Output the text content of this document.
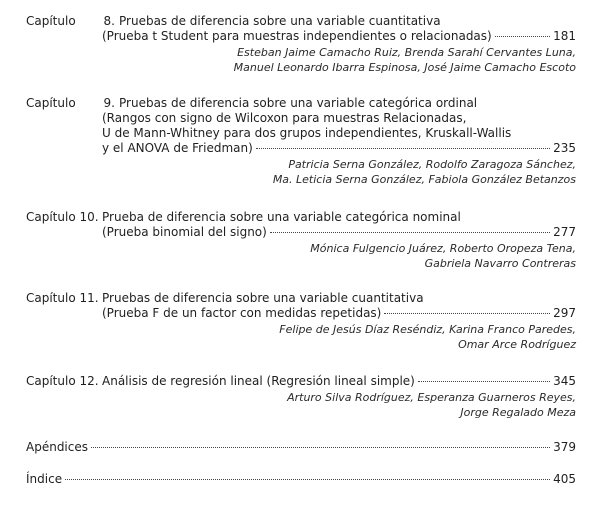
Capítulo	8. Pruebas de diferencia sobre una variable cuantitativa
(Prueba t Student para muestras independientes o relacionadas)	181
Esteban Jaime Camacho Ruiz, Brenda Sarahí Cervantes Luna,
Manuel Leonardo Ibarra Espinosa, José Jaime Camacho Escoto
Capítulo	9. Pruebas de diferencia sobre una variable categórica ordinal
(Rangos con signo de Wilcoxon para muestras Relacionadas,
U de Mann-Whitney para dos grupos independientes, Kruskall-Wallis
y el ANOVA de Friedman)	235
Patricia Serna González, Rodolfo Zaragoza Sánchez,
Ma. Leticia Serna González, Fabiola González Betanzos
Capítulo 10. Prueba de diferencia sobre una variable categórica nominal
(Prueba binomial del signo)	277
Mónica Fulgencio Juárez, Roberto Oropeza Tena,
Gabriela Navarro Contreras
Capítulo 11. Pruebas de diferencia sobre una variable cuantitativa
(Prueba F de un factor con medidas repetidas)	297
Felipe de Jesús Díaz Reséndiz, Karina Franco Paredes,
Omar Arce Rodríguez
Capítulo 12. Análisis de regresión lineal (Regresión lineal simple)	345
Arturo Silva Rodríguez, Esperanza Guarneros Reyes,
Jorge Regalado Meza
Apéndices	379
Índice	405
